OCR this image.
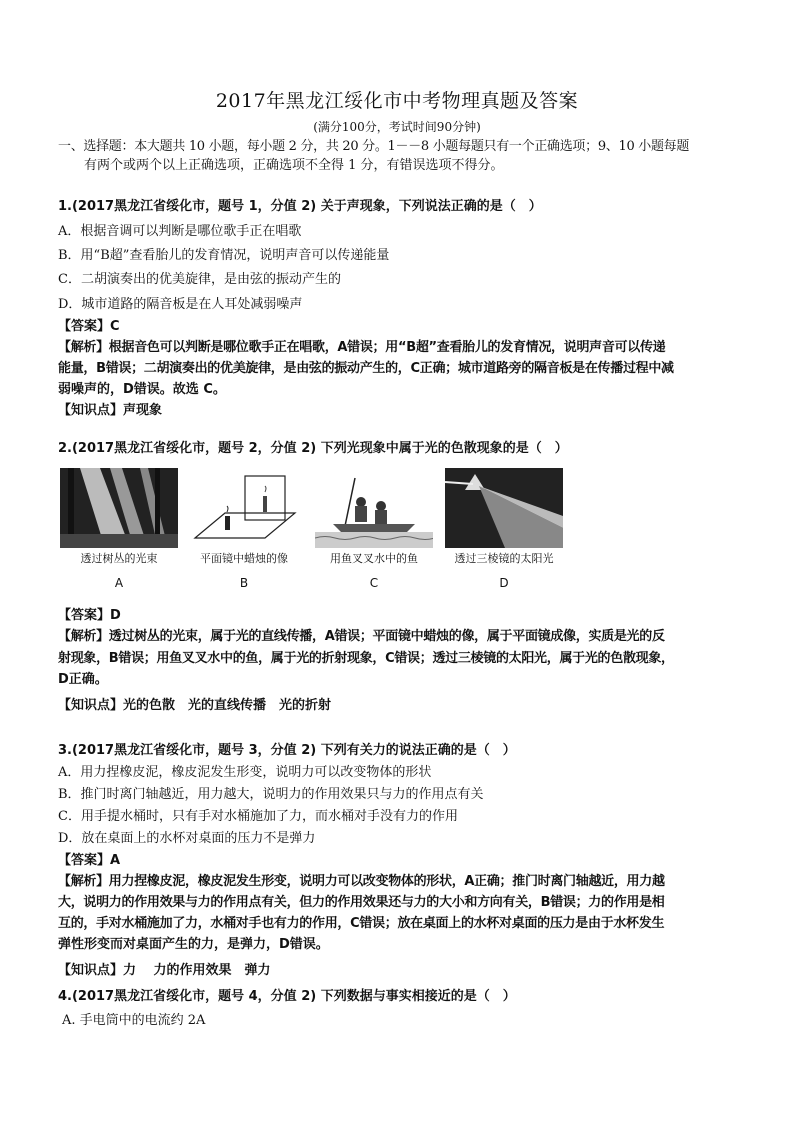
2017年黑龙江绥化市中考物理真题及答案
(满分100分，考试时间90分钟)
一、选择题：本大题共 10 小题，每小题 2 分，共 20 分。1－－8 小题每题只有一个正确选项；9、10 小题每题
有两个或两个以上正确选项，正确选项不全得 1 分，有错误选项不得分。
1.(2017黑龙江省绥化市，题号 1，分值 2) 关于声现象，下列说法正确的是（　）
A．根据音调可以判断是哪位歌手正在唱歌
B．用“B超”查看胎儿的发育情况，说明声音可以传递能量
C．二胡演奏出的优美旋律，是由弦的振动产生的
D．城市道路的隔音板是在人耳处减弱噪声
【答案】C
【解析】根据音色可以判断是哪位歌手正在唱歌，A错误；用“B超”查看胎儿的发育情况，说明声音可以传递
能量，B错误；二胡演奏出的优美旋律，是由弦的振动产生的，C正确；城市道路旁的隔音板是在传播过程中减
弱噪声的，D错误。故选 C。
【知识点】声现象
2.(2017黑龙江省绥化市，题号 2，分值 2) 下列光现象中属于光的色散现象的是（　）
透过树丛的光束
A
平面镜中蜡烛的像
B
用鱼叉叉水中的鱼
C
透过三棱镜的太阳光
D
【答案】D
【解析】透过树丛的光束，属于光的直线传播，A错误；平面镜中蜡烛的像，属于平面镜成像，实质是光的反
射现象，B错误；用鱼叉叉水中的鱼，属于光的折射现象，C错误；透过三棱镜的太阳光，属于光的色散现象，
D正确。
【知识点】光的色散　光的直线传播　光的折射
3.(2017黑龙江省绥化市，题号 3，分值 2) 下列有关力的说法正确的是（　）
A．用力捏橡皮泥，橡皮泥发生形变，说明力可以改变物体的形状
B．推门时离门轴越近，用力越大，说明力的作用效果只与力的作用点有关
C．用手提水桶时，只有手对水桶施加了力，而水桶对手没有力的作用
D．放在桌面上的水杯对桌面的压力不是弹力
【答案】A
【解析】用力捏橡皮泥，橡皮泥发生形变，说明力可以改变物体的形状，A正确；推门时离门轴越近，用力越
大，说明力的作用效果与力的作用点有关，但力的作用效果还与力的大小和方向有关，B错误；力的作用是相
互的，手对水桶施加了力，水桶对手也有力的作用，C错误；放在桌面上的水杯对桌面的压力是由于水杯发生
弹性形变而对桌面产生的力，是弹力，D错误。
【知识点】力　 力的作用效果　弹力
4.(2017黑龙江省绥化市，题号 4，分值 2) 下列数据与事实相接近的是（　）
A. 手电筒中的电流约 2A
